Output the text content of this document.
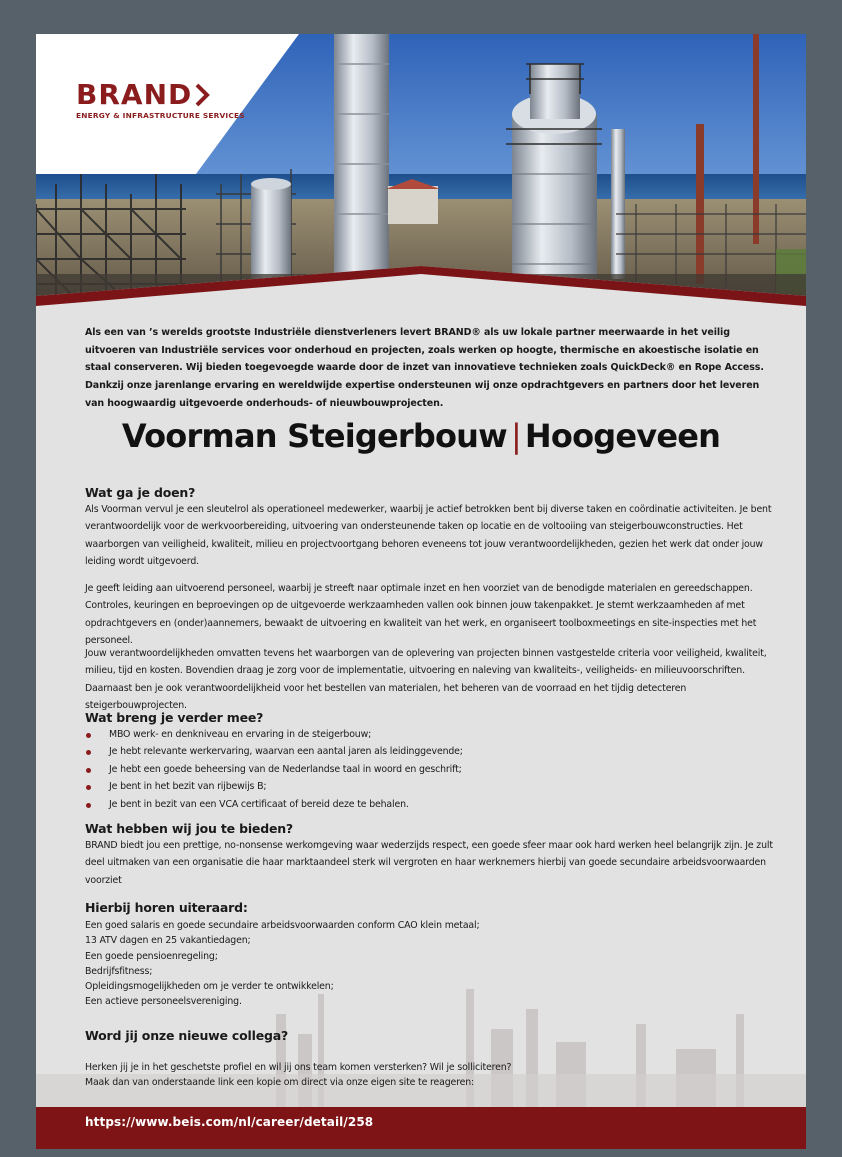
BRAND
ENERGY & INFRASTRUCTURE SERVICES
Als een van ’s werelds grootste Industriële dienstverleners levert BRAND® als uw lokale partner meerwaarde in het veilig uitvoeren van Industriële services voor onderhoud en projecten, zoals werken op hoogte, thermische en akoestische isolatie en staal conserveren. Wij bieden toegevoegde waarde door de inzet van innovatieve technieken zoals QuickDeck® en Rope Access. Dankzij onze jarenlange ervaring en wereldwijde expertise ondersteunen wij onze opdrachtgevers en partners door het leveren van hoogwaardig uitgevoerde onderhouds- of nieuwbouwprojecten.
Voorman Steigerbouw | Hoogeveen
Wat ga je doen?
Als Voorman vervul je een sleutelrol als operationeel medewerker, waarbij je actief betrokken bent bij diverse taken en coördinatie activiteiten. Je bent verantwoordelijk voor de werkvoorbereiding, uitvoering van ondersteunende taken op locatie en de voltooiing van steigerbouwconstructies. Het waarborgen van veiligheid, kwaliteit, milieu en projectvoortgang behoren eveneens tot jouw verantwoordelijkheden, gezien het werk dat onder jouw leiding wordt uitgevoerd.
Je geeft leiding aan uitvoerend personeel, waarbij je streeft naar optimale inzet en hen voorziet van de benodigde materialen en gereedschappen. Controles, keuringen en beproevingen op de uitgevoerde werkzaamheden vallen ook binnen jouw takenpakket. Je stemt werkzaamheden af met opdrachtgevers en (onder)aannemers, bewaakt de uitvoering en kwaliteit van het werk, en organiseert toolboxmeetings en site-inspecties met het personeel.
Jouw verantwoordelijkheden omvatten tevens het waarborgen van de oplevering van projecten binnen vastgestelde criteria voor veiligheid, kwaliteit, milieu, tijd en kosten. Bovendien draag je zorg voor de implementatie, uitvoering en naleving van kwaliteits-, veiligheids- en milieuvoorschriften. Daarnaast ben je ook verantwoordelijkheid voor het bestellen van materialen, het beheren van de voorraad en het tijdig detecteren steigerbouwprojecten.
Wat breng je verder mee?
MBO werk- en denkniveau en ervaring in de steigerbouw;
Je hebt relevante werkervaring, waarvan een aantal jaren als leidinggevende;
Je hebt een goede beheersing van de Nederlandse taal in woord en geschrift;
Je bent in het bezit van rijbewijs B;
Je bent in bezit van een VCA certificaat of bereid deze te behalen.
Wat hebben wij jou te bieden?
BRAND biedt jou een prettige, no-nonsense werkomgeving waar wederzijds respect, een goede sfeer maar ook hard werken heel belangrijk zijn. Je zult deel uitmaken van een organisatie die haar marktaandeel sterk wil vergroten en haar werknemers hierbij van goede secundaire arbeidsvoorwaarden voorziet
Hierbij horen uiteraard:
Een goed salaris en goede secundaire arbeidsvoorwaarden conform CAO klein metaal;
13 ATV dagen en 25 vakantiedagen;
Een goede pensioenregeling;
Bedrijfsfitness;
Opleidingsmogelijkheden om je verder te ontwikkelen;
Een actieve personeelsvereniging.
Word jij onze nieuwe collega?
Herken jij je in het geschetste profiel en wil jij ons team komen versterken? Wil je solliciteren?
Maak dan van onderstaande link een kopie om direct via onze eigen site te reageren:
https://www.beis.com/nl/career/detail/258
